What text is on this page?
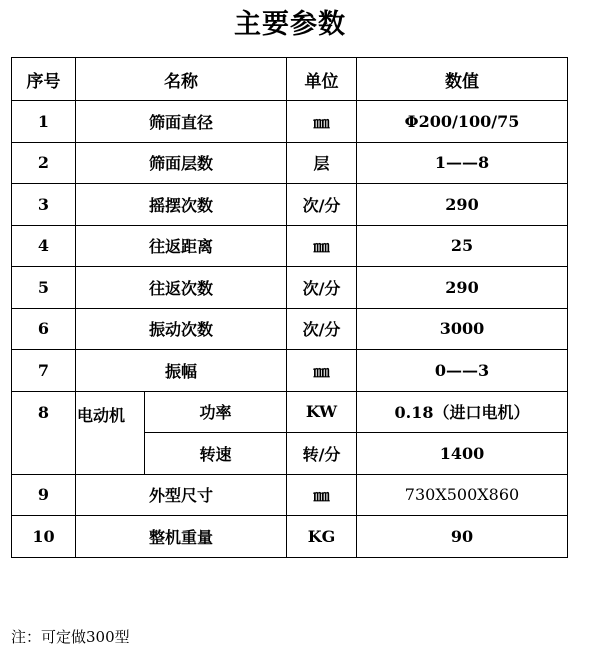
主要参数
序号	名称		单位	数值
1	筛面直径		㎜	Φ200/100/75
2	筛面层数		层	1——8
3	摇摆次数		次/分	290
4	往返距离		㎜	25
5	往返次数		次/分	290
6	振动次数		次/分	3000
7	振幅		㎜	0——3
8	电动机	功率	KW	0.18（进口电机）
		转速	转/分	1400
9	外型尺寸		㎜	730X500X860
10	整机重量		KG	90
注：可定做300型
